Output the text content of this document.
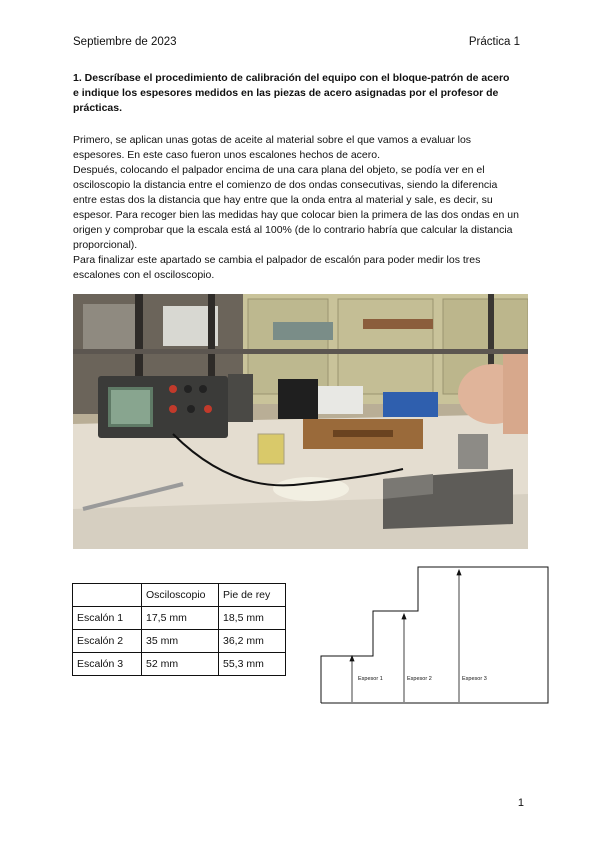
Septiembre de 2023	Práctica 1
1. Descríbase el procedimiento de calibración del equipo con el bloque-patrón de acero e indique los espesores medidos en las piezas de acero asignadas por el profesor de prácticas.

Primero, se aplican unas gotas de aceite al material sobre el que vamos a evaluar los espesores. En este caso fueron unos escalones hechos de acero.

Después, colocando el palpador encima de una cara plana del objeto, se podía ver en el osciloscopio la distancia entre el comienzo de dos ondas consecutivas, siendo la diferencia entre estas dos la distancia que hay entre que la onda entra al material y sale, es decir, su espesor. Para recoger bien las medidas hay que colocar bien la primera de las dos ondas en un origen y comprobar que la escala está al 100% (de lo contrario habría que calcular la distancia proporcional).

Para finalizar este apartado se cambia el palpador de escalón para poder medir los tres escalones con el osciloscopio.

	Osciloscopio	Pie de rey
Escalón 1	17,5 mm	18,5 mm
Escalón 2	35 mm	36,2 mm
Escalón 3	52 mm	55,3 mm
Espesor 1	Espesor 2	Espesor 3
1
